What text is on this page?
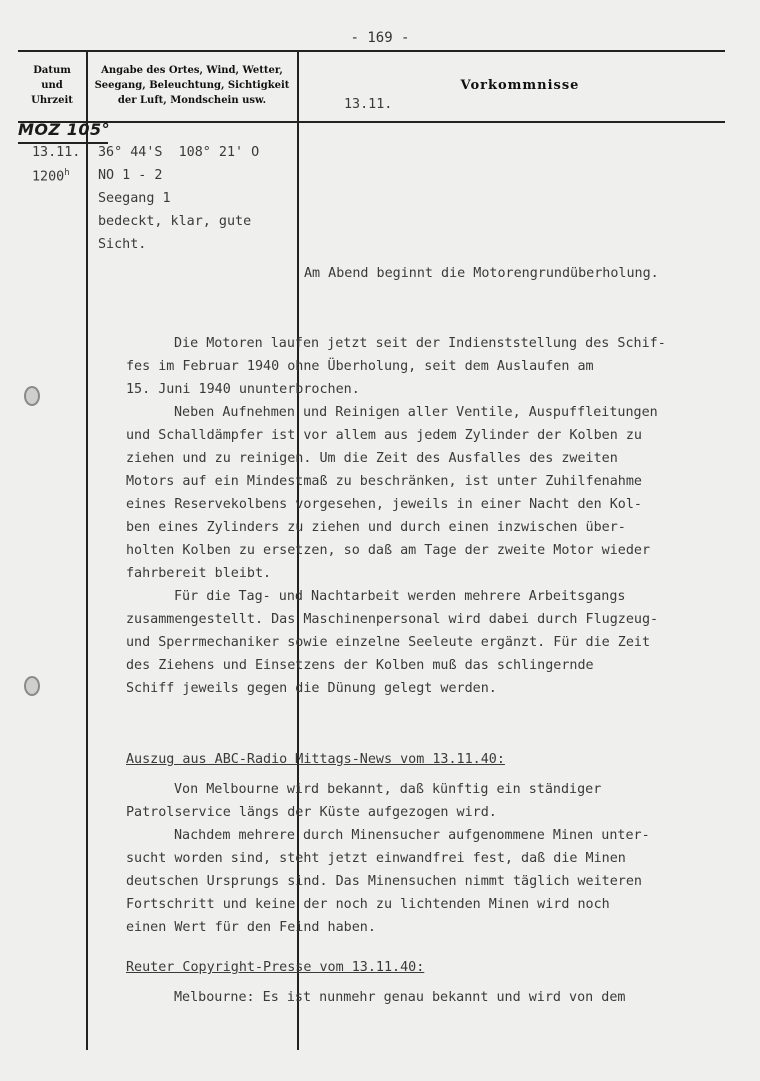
- 169 -
Datum
und
Uhrzeit
Angabe des Ortes, Wind, Wetter,
Seegang, Beleuchtung, Sichtigkeit
der Luft, Mondschein usw.
Vorkommnisse
13.11.
MOZ 105°
13.11.
1200$^h$
36° 44'S  108° 21' O
NO 1 - 2
Seegang 1
bedeckt, klar, gute
Sicht.
Am Abend beginnt die Motorengrundüberholung.
Die Motoren laufen jetzt seit der Indienststellung des Schif-
fes im Februar 1940 ohne Überholung, seit dem Auslaufen am
15. Juni 1940 ununterbrochen.
Neben Aufnehmen und Reinigen aller Ventile, Auspuffleitungen
und Schalldämpfer ist vor allem aus jedem Zylinder der Kolben zu
ziehen und zu reinigen. Um die Zeit des Ausfalles des zweiten
Motors auf ein Mindestmaß zu beschränken, ist unter Zuhilfenahme
eines Reservekolbens vorgesehen, jeweils in einer Nacht den Kol-
ben eines Zylinders zu ziehen und durch einen inzwischen über-
holten Kolben zu ersetzen, so daß am Tage der zweite Motor wieder
fahrbereit bleibt.
Für die Tag- und Nachtarbeit werden mehrere Arbeitsgangs
zusammengestellt. Das Maschinenpersonal wird dabei durch Flugzeug-
und Sperrmechaniker sowie einzelne Seeleute ergänzt. Für die Zeit
des Ziehens und Einsetzens der Kolben muß das schlingernde
Schiff jeweils gegen die Dünung gelegt werden.
Auszug aus ABC-Radio Mittags-News vom 13.11.40:
Von Melbourne wird bekannt, daß künftig ein ständiger
Patrolservice längs der Küste aufgezogen wird.
Nachdem mehrere durch Minensucher aufgenommene Minen unter-
sucht worden sind, steht jetzt einwandfrei fest, daß die Minen
deutschen Ursprungs sind. Das Minensuchen nimmt täglich weiteren
Fortschritt und keine der noch zu lichtenden Minen wird noch
einen Wert für den Feind haben.
Reuter Copyright-Presse vom 13.11.40:
Melbourne: Es ist nunmehr genau bekannt und wird von dem
